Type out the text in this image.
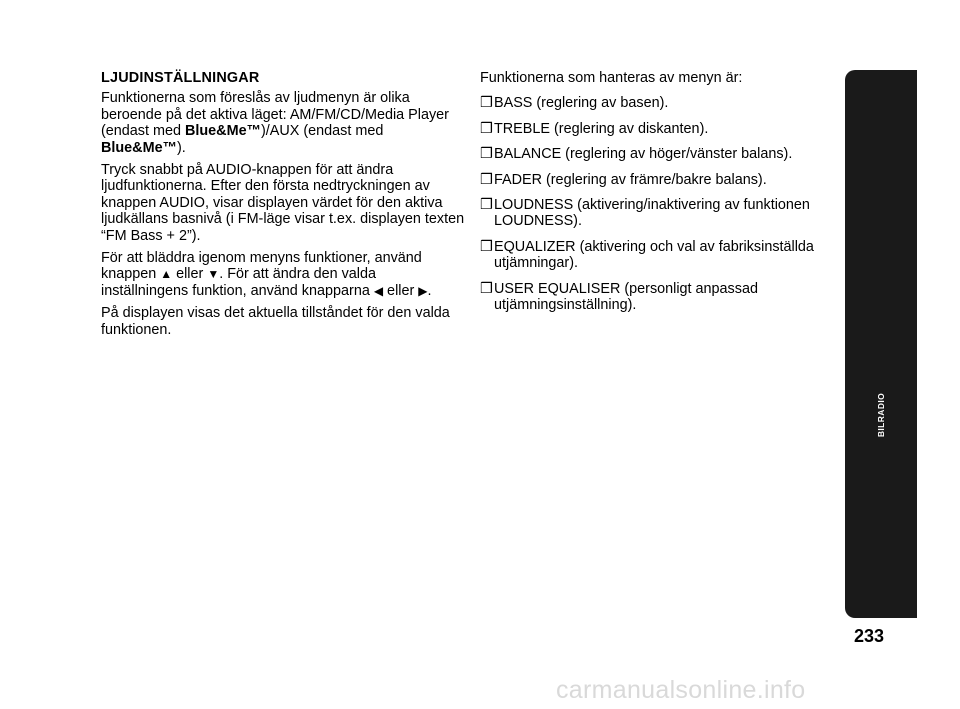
LJUDINSTÄLLNINGAR

Funktionerna som föreslås av ljudmenyn är olika beroende på det aktiva läget: AM/FM/CD/Media Player (endast med Blue&Me™)/AUX (endast med Blue&Me™).

Tryck snabbt på AUDIO-knappen för att ändra ljudfunktionerna. Efter den första nedtryckningen av knappen AUDIO, visar displayen värdet för den aktiva ljudkällans basnivå (i FM-läge visar t.ex. displayen texten “FM Bass + 2”).

För att bläddra igenom menyns funktioner, använd knappen ▲ eller ▼. För att ändra den valda inställningens funktion, använd knapparna ◀ eller ▶.

På displayen visas det aktuella tillståndet för den valda funktionen.

Funktionerna som hanteras av menyn är:
❒ BASS (reglering av basen).
❒ TREBLE (reglering av diskanten).
❒ BALANCE (reglering av höger/vänster balans).
❒ FADER (reglering av främre/bakre balans).
❒ LOUDNESS (aktivering/inaktivering av funktionen LOUDNESS).
❒ EQUALIZER (aktivering och val av fabriksinställda utjämningar).
❒ USER EQUALISER (personligt anpassad utjämningsinställning).
BILRADIO
233
carmanualsonline.info
